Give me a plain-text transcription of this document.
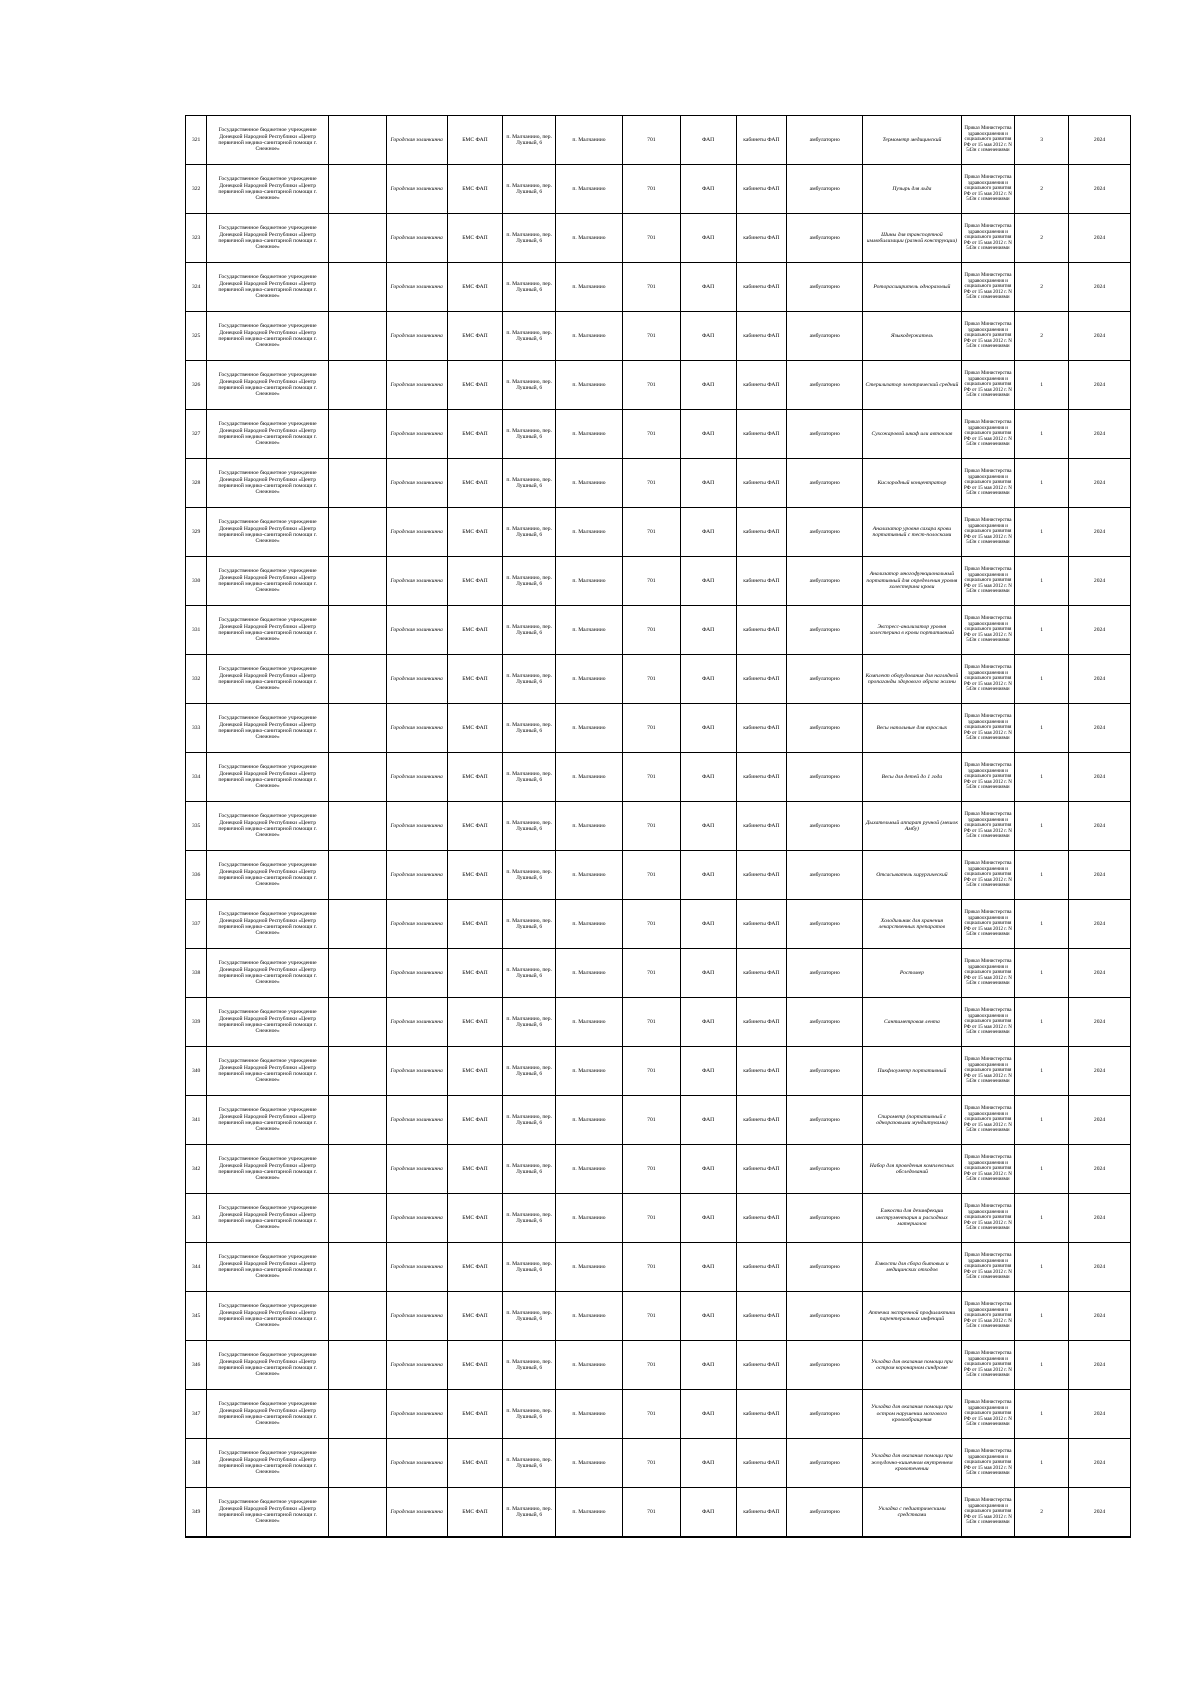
321	Государственное бюджетное учреждение Донецкой Народной Республики «Центр первичной медико-санитарной помощи г. Снежное»		Городская золинкинна	БМС ФАП	п. Малчаниио, пер. Лушный, 6	п. Малчаниио	701	ФАП	кабинеты ФАП	амбулаторно	Термометр медицинский	Приказ Министерства здравоохранения и социального развития РФ от 15 мая 2012 г. N 543н с изменениями	3	2024
322	Государственное бюджетное учреждение Донецкой Народной Республики «Центр первичной медико-санитарной помощи г. Снежное»		Городская золинкинна	БМС ФАП	п. Малчаниио, пер. Лушный, 6	п. Малчаниио	701	ФАП	кабинеты ФАП	амбулаторно	Пузырь для льда	Приказ Министерства здравоохранения и социального развития РФ от 15 мая 2012 г. N 543н с изменениями	2	2024
323	Государственное бюджетное учреждение Донецкой Народной Республики «Центр первичной медико-санитарной помощи г. Снежное»		Городская золинкинна	БМС ФАП	п. Малчаниио, пер. Лушный, 6	п. Малчаниио	701	ФАП	кабинеты ФАП	амбулаторно	Шины для транспортной иммобилизации (разной конструкции)	Приказ Министерства здравоохранения и социального развития РФ от 15 мая 2012 г. N 543н с изменениями	2	2024
324	Государственное бюджетное учреждение Донецкой Народной Республики «Центр первичной медико-санитарной помощи г. Снежное»		Городская золинкинна	БМС ФАП	п. Малчаниио, пер. Лушный, 6	п. Малчаниио	701	ФАП	кабинеты ФАП	амбулаторно	Роторасширитель одноразовый	Приказ Министерства здравоохранения и социального развития РФ от 15 мая 2012 г. N 543н с изменениями	2	2024
325	Государственное бюджетное учреждение Донецкой Народной Республики «Центр первичной медико-санитарной помощи г. Снежное»		Городская золинкинна	БМС ФАП	п. Малчаниио, пер. Лушный, 6	п. Малчаниио	701	ФАП	кабинеты ФАП	амбулаторно	Языкодержатель	Приказ Министерства здравоохранения и социального развития РФ от 15 мая 2012 г. N 543н с изменениями	2	2024
326	Государственное бюджетное учреждение Донецкой Народной Республики «Центр первичной медико-санитарной помощи г. Снежное»		Городская золинкинна	БМС ФАП	п. Малчаниио, пер. Лушный, 6	п. Малчаниио	701	ФАП	кабинеты ФАП	амбулаторно	Стерилизатор электрический средний	Приказ Министерства здравоохранения и социального развития РФ от 15 мая 2012 г. N 543н с изменениями	1	2024
327	Государственное бюджетное учреждение Донецкой Народной Республики «Центр первичной медико-санитарной помощи г. Снежное»		Городская золинкинна	БМС ФАП	п. Малчаниио, пер. Лушный, 6	п. Малчаниио	701	ФАП	кабинеты ФАП	амбулаторно	Сухожаровой шкаф или автоклав	Приказ Министерства здравоохранения и социального развития РФ от 15 мая 2012 г. N 543н с изменениями	1	2024
328	Государственное бюджетное учреждение Донецкой Народной Республики «Центр первичной медико-санитарной помощи г. Снежное»		Городская золинкинна	БМС ФАП	п. Малчаниио, пер. Лушный, 6	п. Малчаниио	701	ФАП	кабинеты ФАП	амбулаторно	Кислородный концентратор	Приказ Министерства здравоохранения и социального развития РФ от 15 мая 2012 г. N 543н с изменениями	1	2024
329	Государственное бюджетное учреждение Донецкой Народной Республики «Центр первичной медико-санитарной помощи г. Снежное»		Городская золинкинна	БМС ФАП	п. Малчаниио, пер. Лушный, 6	п. Малчаниио	701	ФАП	кабинеты ФАП	амбулаторно	Анализатор уровня сахара крови портативный с тест-полосками	Приказ Министерства здравоохранения и социального развития РФ от 15 мая 2012 г. N 543н с изменениями	1	2024
330	Государственное бюджетное учреждение Донецкой Народной Республики «Центр первичной медико-санитарной помощи г. Снежное»		Городская золинкинна	БМС ФАП	п. Малчаниио, пер. Лушный, 6	п. Малчаниио	701	ФАП	кабинеты ФАП	амбулаторно	Анализатор многофункциональный портативный для определения уровня холестерина крови	Приказ Министерства здравоохранения и социального развития РФ от 15 мая 2012 г. N 543н с изменениями	1	2024
331	Государственное бюджетное учреждение Донецкой Народной Республики «Центр первичной медико-санитарной помощи г. Снежное»		Городская золинкинна	БМС ФАП	п. Малчаниио, пер. Лушный, 6	п. Малчаниио	701	ФАП	кабинеты ФАП	амбулаторно	Экспресс-анализатор уровня холестерина в крови портативный	Приказ Министерства здравоохранения и социального развития РФ от 15 мая 2012 г. N 543н с изменениями	1	2024
332	Государственное бюджетное учреждение Донецкой Народной Республики «Центр первичной медико-санитарной помощи г. Снежное»		Городская золинкинна	БМС ФАП	п. Малчаниио, пер. Лушный, 6	п. Малчаниио	701	ФАП	кабинеты ФАП	амбулаторно	Комплект оборудования для наглядной пропаганды здорового образа жизни	Приказ Министерства здравоохранения и социального развития РФ от 15 мая 2012 г. N 543н с изменениями	1	2024
333	Государственное бюджетное учреждение Донецкой Народной Республики «Центр первичной медико-санитарной помощи г. Снежное»		Городская золинкинна	БМС ФАП	п. Малчаниио, пер. Лушный, 6	п. Малчаниио	701	ФАП	кабинеты ФАП	амбулаторно	Весы напольные для взрослых	Приказ Министерства здравоохранения и социального развития РФ от 15 мая 2012 г. N 543н с изменениями	1	2024
334	Государственное бюджетное учреждение Донецкой Народной Республики «Центр первичной медико-санитарной помощи г. Снежное»		Городская золинкинна	БМС ФАП	п. Малчаниио, пер. Лушный, 6	п. Малчаниио	701	ФАП	кабинеты ФАП	амбулаторно	Весы для детей до 1 года	Приказ Министерства здравоохранения и социального развития РФ от 15 мая 2012 г. N 543н с изменениями	1	2024
335	Государственное бюджетное учреждение Донецкой Народной Республики «Центр первичной медико-санитарной помощи г. Снежное»		Городская золинкинна	БМС ФАП	п. Малчаниио, пер. Лушный, 6	п. Малчаниио	701	ФАП	кабинеты ФАП	амбулаторно	Дыхательный аппарат ручной (мешок Амбу)	Приказ Министерства здравоохранения и социального развития РФ от 15 мая 2012 г. N 543н с изменениями	1	2024
336	Государственное бюджетное учреждение Донецкой Народной Республики «Центр первичной медико-санитарной помощи г. Снежное»		Городская золинкинна	БМС ФАП	п. Малчаниио, пер. Лушный, 6	п. Малчаниио	701	ФАП	кабинеты ФАП	амбулаторно	Отсасыватель хирургический	Приказ Министерства здравоохранения и социального развития РФ от 15 мая 2012 г. N 543н с изменениями	1	2024
337	Государственное бюджетное учреждение Донецкой Народной Республики «Центр первичной медико-санитарной помощи г. Снежное»		Городская золинкинна	БМС ФАП	п. Малчаниио, пер. Лушный, 6	п. Малчаниио	701	ФАП	кабинеты ФАП	амбулаторно	Холодильник для хранения лекарственных препаратов	Приказ Министерства здравоохранения и социального развития РФ от 15 мая 2012 г. N 543н с изменениями	1	2024
338	Государственное бюджетное учреждение Донецкой Народной Республики «Центр первичной медико-санитарной помощи г. Снежное»		Городская золинкинна	БМС ФАП	п. Малчаниио, пер. Лушный, 6	п. Малчаниио	701	ФАП	кабинеты ФАП	амбулаторно	Ростомер	Приказ Министерства здравоохранения и социального развития РФ от 15 мая 2012 г. N 543н с изменениями	1	2024
339	Государственное бюджетное учреждение Донецкой Народной Республики «Центр первичной медико-санитарной помощи г. Снежное»		Городская золинкинна	БМС ФАП	п. Малчаниио, пер. Лушный, 6	п. Малчаниио	701	ФАП	кабинеты ФАП	амбулаторно	Сантиметровая лента	Приказ Министерства здравоохранения и социального развития РФ от 15 мая 2012 г. N 543н с изменениями	1	2024
340	Государственное бюджетное учреждение Донецкой Народной Республики «Центр первичной медико-санитарной помощи г. Снежное»		Городская золинкинна	БМС ФАП	п. Малчаниио, пер. Лушный, 6	п. Малчаниио	701	ФАП	кабинеты ФАП	амбулаторно	Пикфлоуметр портативный	Приказ Министерства здравоохранения и социального развития РФ от 15 мая 2012 г. N 543н с изменениями	1	2024
341	Государственное бюджетное учреждение Донецкой Народной Республики «Центр первичной медико-санитарной помощи г. Снежное»		Городская золинкинна	БМС ФАП	п. Малчаниио, пер. Лушный, 6	п. Малчаниио	701	ФАП	кабинеты ФАП	амбулаторно	Спирометр (портативный с одноразовыми мундштуками)	Приказ Министерства здравоохранения и социального развития РФ от 15 мая 2012 г. N 543н с изменениями	1	2024
342	Государственное бюджетное учреждение Донецкой Народной Республики «Центр первичной медико-санитарной помощи г. Снежное»		Городская золинкинна	БМС ФАП	п. Малчаниио, пер. Лушный, 6	п. Малчаниио	701	ФАП	кабинеты ФАП	амбулаторно	Набор для проведения комплексных обследований	Приказ Министерства здравоохранения и социального развития РФ от 15 мая 2012 г. N 543н с изменениями	1	2024
343	Государственное бюджетное учреждение Донецкой Народной Республики «Центр первичной медико-санитарной помощи г. Снежное»		Городская золинкинна	БМС ФАП	п. Малчаниио, пер. Лушный, 6	п. Малчаниио	701	ФАП	кабинеты ФАП	амбулаторно	Емкости для дезинфекции инструментария и расходных материалов	Приказ Министерства здравоохранения и социального развития РФ от 15 мая 2012 г. N 543н с изменениями	1	2024
344	Государственное бюджетное учреждение Донецкой Народной Республики «Центр первичной медико-санитарной помощи г. Снежное»		Городская золинкинна	БМС ФАП	п. Малчаниио, пер. Лушный, 6	п. Малчаниио	701	ФАП	кабинеты ФАП	амбулаторно	Емкости для сбора бытовых и медицинских отходов	Приказ Министерства здравоохранения и социального развития РФ от 15 мая 2012 г. N 543н с изменениями	1	2024
345	Государственное бюджетное учреждение Донецкой Народной Республики «Центр первичной медико-санитарной помощи г. Снежное»		Городская золинкинна	БМС ФАП	п. Малчаниио, пер. Лушный, 6	п. Малчаниио	701	ФАП	кабинеты ФАП	амбулаторно	Аптечка экстренной профилактики парентеральных инфекций	Приказ Министерства здравоохранения и социального развития РФ от 15 мая 2012 г. N 543н с изменениями	1	2024
346	Государственное бюджетное учреждение Донецкой Народной Республики «Центр первичной медико-санитарной помощи г. Снежное»		Городская золинкинна	БМС ФАП	п. Малчаниио, пер. Лушный, 6	п. Малчаниио	701	ФАП	кабинеты ФАП	амбулаторно	Укладка для оказания помощи при остром коронарном синдроме	Приказ Министерства здравоохранения и социального развития РФ от 15 мая 2012 г. N 543н с изменениями	1	2024
347	Государственное бюджетное учреждение Донецкой Народной Республики «Центр первичной медико-санитарной помощи г. Снежное»		Городская золинкинна	БМС ФАП	п. Малчаниио, пер. Лушный, 6	п. Малчаниио	701	ФАП	кабинеты ФАП	амбулаторно	Укладка для оказания помощи при остром нарушении мозгового кровообращения	Приказ Министерства здравоохранения и социального развития РФ от 15 мая 2012 г. N 543н с изменениями	1	2024
348	Государственное бюджетное учреждение Донецкой Народной Республики «Центр первичной медико-санитарной помощи г. Снежное»		Городская золинкинна	БМС ФАП	п. Малчаниио, пер. Лушный, 6	п. Малчаниио	701	ФАП	кабинеты ФАП	амбулаторно	Укладка для оказания помощи при желудочно-кишечном внутреннем кровотечении	Приказ Министерства здравоохранения и социального развития РФ от 15 мая 2012 г. N 543н с изменениями	1	2024
349	Государственное бюджетное учреждение Донецкой Народной Республики «Центр первичной медико-санитарной помощи г. Снежное»		Городская золинкинна	БМС ФАП	п. Малчаниио, пер. Лушный, 6	п. Малчаниио	701	ФАП	кабинеты ФАП	амбулаторно	Укладка с педиатрическими средствами	Приказ Министерства здравоохранения и социального развития РФ от 15 мая 2012 г. N 543н с изменениями	2	2024
